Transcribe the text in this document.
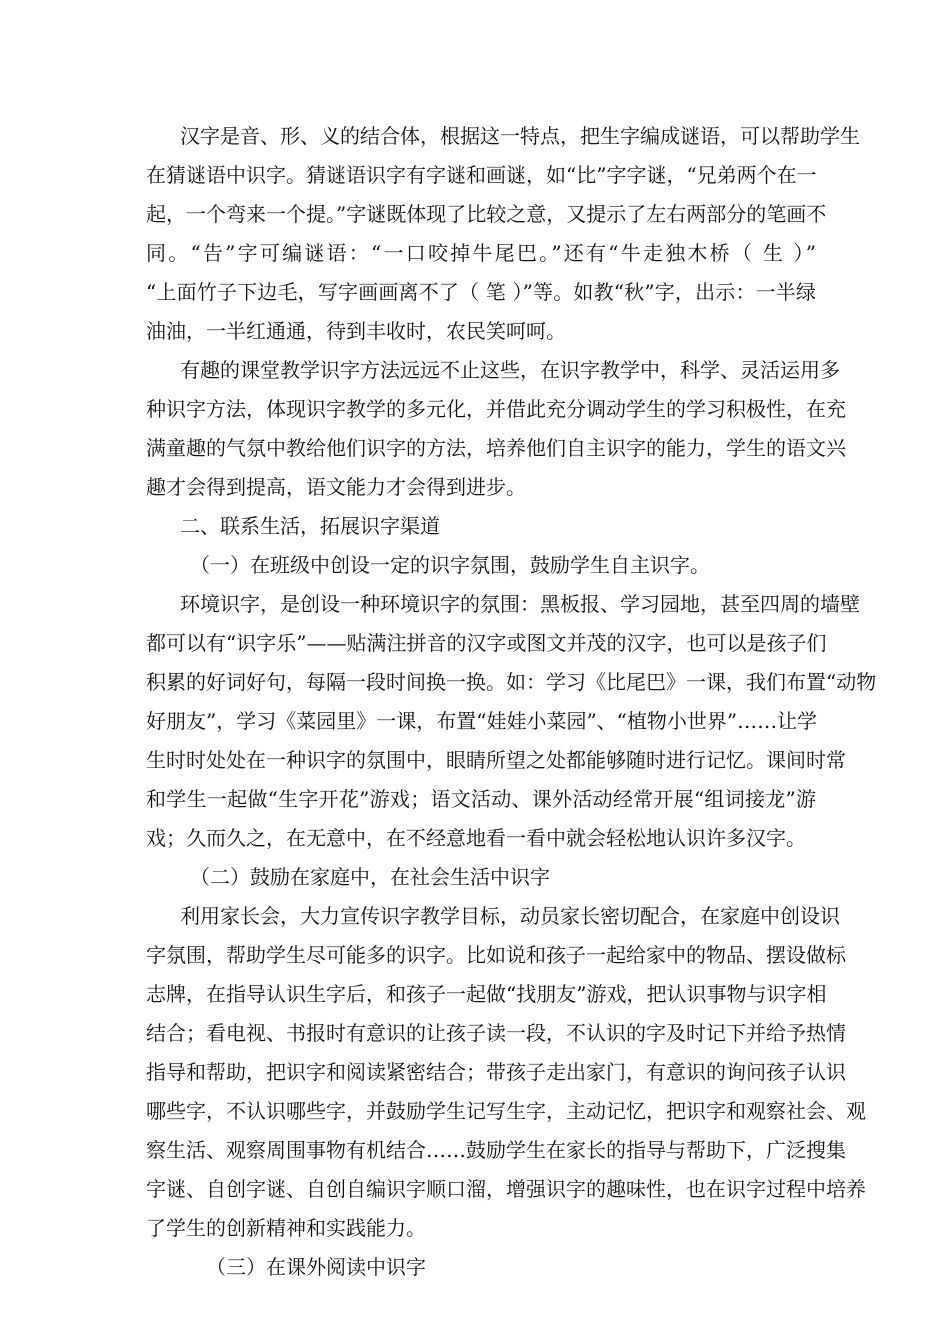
汉字是音、形、义的结合体，根据这一特点，把生字编成谜语，可以帮助学生
在猜谜语中识字。猜谜语识字有字谜和画谜，如“比”字字谜，“兄弟两个在一
起，一个弯来一个提。”字谜既体现了比较之意，又提示了左右两部分的笔画不
同。“告”字可编谜语：“一口咬掉牛尾巴。”还有“牛走独木桥（ 生 ）”
“上面竹子下边毛，写字画画离不了（ 笔 ）”等。如教“秋”字，出示：一半绿
油油，一半红通通，待到丰收时，农民笑呵呵。
有趣的课堂教学识字方法远远不止这些，在识字教学中，科学、灵活运用多
种识字方法，体现识字教学的多元化，并借此充分调动学生的学习积极性，在充
满童趣的气氛中教给他们识字的方法，培养他们自主识字的能力，学生的语文兴
趣才会得到提高，语文能力才会得到进步。
二、联系生活，拓展识字渠道
（一）在班级中创设一定的识字氛围，鼓励学生自主识字。
环境识字，是创设一种环境识字的氛围：黑板报、学习园地，甚至四周的墙壁
都可以有“识字乐”——贴满注拼音的汉字或图文并茂的汉字，也可以是孩子们
积累的好词好句，每隔一段时间换一换。如：学习《比尾巴》一课，我们布置“动物
好朋友”，学习《菜园里》一课，布置“娃娃小菜园”、“植物小世界”……让学
生时时处处在一种识字的氛围中，眼睛所望之处都能够随时进行记忆。课间时常
和学生一起做“生字开花”游戏；语文活动、课外活动经常开展“组词接龙”游
戏；久而久之，在无意中，在不经意地看一看中就会轻松地认识许多汉字。
（二）鼓励在家庭中，在社会生活中识字
利用家长会，大力宣传识字教学目标，动员家长密切配合，在家庭中创设识
字氛围，帮助学生尽可能多的识字。比如说和孩子一起给家中的物品、摆设做标
志牌，在指导认识生字后，和孩子一起做“找朋友”游戏，把认识事物与识字相
结合；看电视、书报时有意识的让孩子读一段，不认识的字及时记下并给予热情
指导和帮助，把识字和阅读紧密结合；带孩子走出家门，有意识的询问孩子认识
哪些字，不认识哪些字，并鼓励学生记写生字，主动记忆，把识字和观察社会、观
察生活、观察周围事物有机结合……鼓励学生在家长的指导与帮助下，广泛搜集
字谜、自创字谜、自创自编识字顺口溜，增强识字的趣味性，也在识字过程中培养
了学生的创新精神和实践能力。
（三）在课外阅读中识字
